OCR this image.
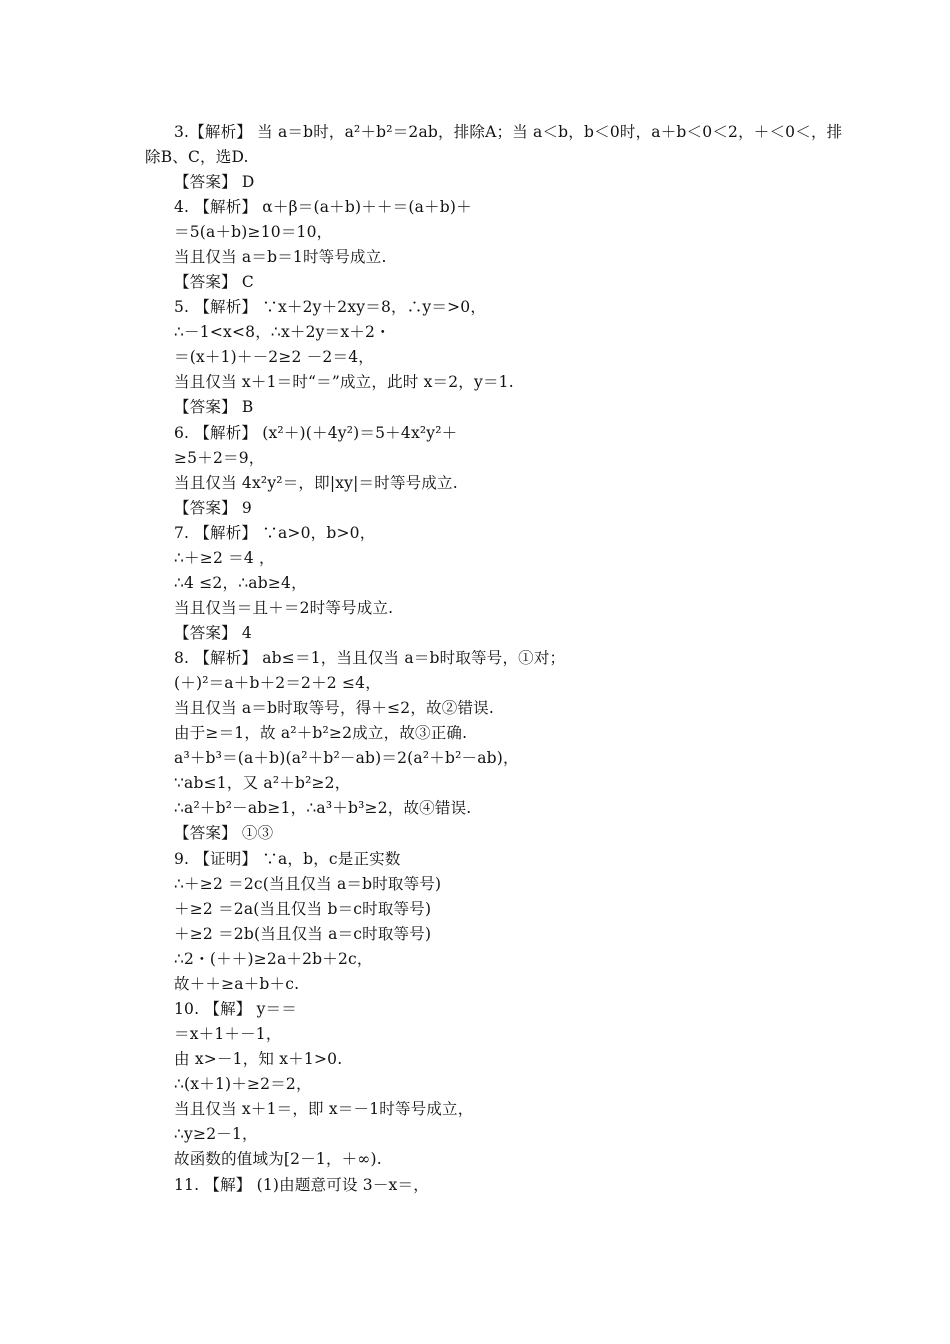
3.【解析】 当 a＝b时，a²＋b²＝2ab，排除A；当 a＜b，b＜0时，a＋b＜0＜2，＋＜0＜，排
除B、C，选D.
【答案】 D
4. 【解析】 α＋β＝(a＋b)＋＋＝(a＋b)＋
＝5(a＋b)≥10＝10，
当且仅当 a＝b＝1时等号成立.
【答案】 C
5. 【解析】 ∵x＋2y＋2xy＝8，∴y＝>0，
∴－1<x<8，∴x＋2y＝x＋2・
＝(x＋1)＋－2≥2 －2＝4，
当且仅当 x＋1＝时“＝”成立，此时 x＝2，y＝1.
【答案】 B
6. 【解析】 (x²＋)(＋4y²)＝5＋4x²y²＋
≥5＋2＝9，
当且仅当 4x²y²＝，即|xy|＝时等号成立.
【答案】 9
7. 【解析】 ∵a>0，b>0，
∴＋≥2 ＝4 ，
∴4 ≤2，∴ab≥4，
当且仅当＝且＋＝2时等号成立.
【答案】 4
8. 【解析】 ab≤＝1，当且仅当 a＝b时取等号，①对；
(＋)²＝a＋b＋2＝2＋2 ≤4，
当且仅当 a＝b时取等号，得＋≤2，故②错误.
由于≥＝1，故 a²＋b²≥2成立，故③正确.
a³＋b³＝(a＋b)(a²＋b²－ab)＝2(a²＋b²－ab)，
∵ab≤1，又 a²＋b²≥2，
∴a²＋b²－ab≥1，∴a³＋b³≥2，故④错误.
【答案】 ①③
9. 【证明】 ∵a，b，c是正实数
∴＋≥2 ＝2c(当且仅当 a＝b时取等号)
＋≥2 ＝2a(当且仅当 b＝c时取等号)
＋≥2 ＝2b(当且仅当 a＝c时取等号)
∴2・(＋＋)≥2a＋2b＋2c，
故＋＋≥a＋b＋c.
10. 【解】 y＝＝
＝x＋1＋－1，
由 x>－1，知 x＋1>0.
∴(x＋1)＋≥2＝2，
当且仅当 x＋1＝，即 x＝－1时等号成立，
∴y≥2－1，
故函数的值域为[2－1，＋∞).
11. 【解】 (1)由题意可设 3－x＝，
